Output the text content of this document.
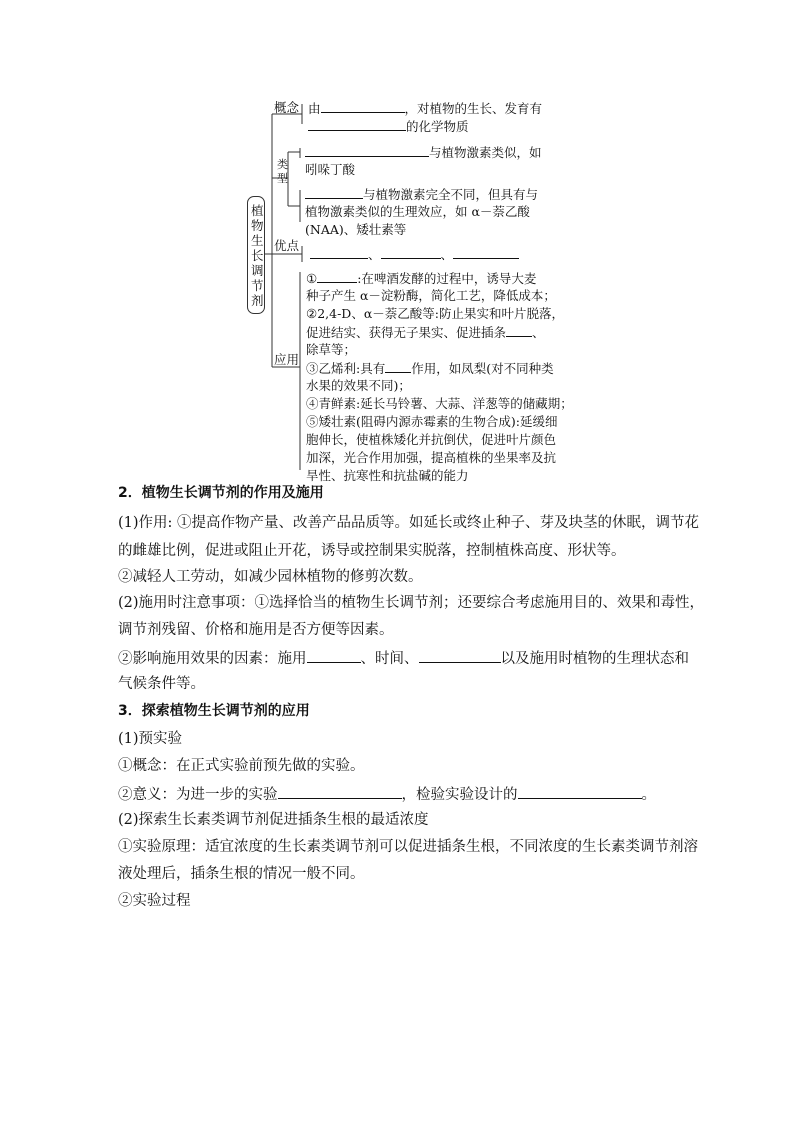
植物生长调节剂
概念
类型
优点
应用
由	，对植物的生长、发育有
的化学物质
与植物激素类似，如
吲哚丁酸
与植物激素完全不同，但具有与
植物激素类似的生理效应，如 α－萘乙酸
(NAA)、矮壮素等
、	、
①	:在啤酒发酵的过程中，诱导大麦
种子产生 α－淀粉酶，简化工艺，降低成本；
②2,4-D、α－萘乙酸等:防止果实和叶片脱落，
促进结实、获得无子果实、促进插条 、
除草等；
③乙烯利:具有 作用，如凤梨(对不同种类
水果的效果不同)；
④青鲜素:延长马铃薯、大蒜、洋葱等的储藏期；
⑤矮壮素(阻碍内源赤霉素的生物合成):延缓细
胞伸长，使植株矮化并抗倒伏，促进叶片颜色
加深，光合作用加强，提高植株的坐果率及抗
旱性、抗寒性和抗盐碱的能力
2．植物生长调节剂的作用及施用
(1)作用: ①提高作物产量、改善产品品质等。如延长或终止种子、芽及块茎的休眠，调节花
的雌雄比例，促进或阻止开花，诱导或控制果实脱落，控制植株高度、形状等。
②减轻人工劳动，如减少园林植物的修剪次数。
(2)施用时注意事项：①选择恰当的植物生长调节剂；还要综合考虑施用目的、效果和毒性，
调节剂残留、价格和施用是否方便等因素。
②影响施用效果的因素：施用	、时间、	以及施用时植物的生理状态和
气候条件等。
3．探索植物生长调节剂的应用
(1)预实验
①概念：在正式实验前预先做的实验。
②意义：为进一步的实验	，检验实验设计的	。
(2)探索生长素类调节剂促进插条生根的最适浓度
①实验原理：适宜浓度的生长素类调节剂可以促进插条生根，不同浓度的生长素类调节剂溶
液处理后，插条生根的情况一般不同。
②实验过程
